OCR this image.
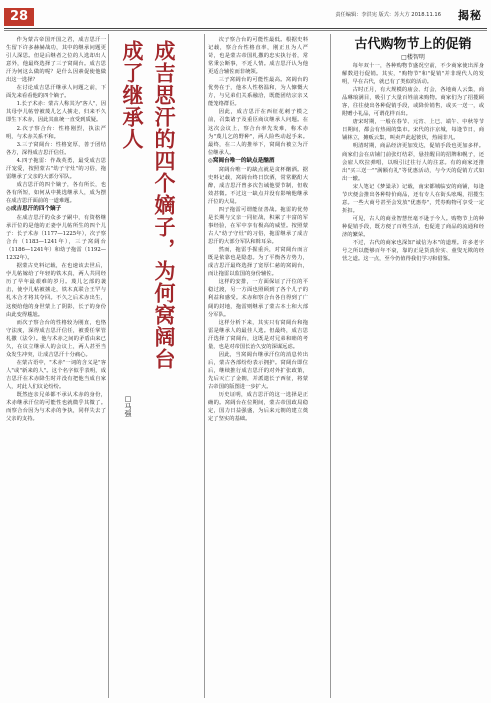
28	责任编辑：李洪宪 版式：苏大方 2018.11.16 揭秘

作为蒙古帝国开国之君，成吉思汗一生留下许多赫赫战功，其中的继承问题更引人深思。但是后继者之位的人选却出人意外，他最终选择了三子窝阔台。成吉思汗为何这么做的呢？是什么因素促使他做出这一选择？

在讨论成吉思汗继承人问题之前，下面先来看看他的四个嫡子。

1.长子术赤：蒙古人称其为"客人"，因其母孛儿帖曾被蔑儿乞人掳走，归来不久即生下术赤，因此其血统一直受到质疑。

2.次子察合台：性格刚烈，执法严明，与术赤关系不和。

3.三子窝阔台：性格宽厚，善于团结各方，深得成吉思汗信任。

4.四子拖雷：作战英勇，最受成吉思汗宠爱，按照蒙古"幼子守灶"的习俗，拖雷继承了父亲的大部分军队。

成吉思汗的四个嫡子，各有所长，也各有所短，如何从中挑选继承人，成为摆在成吉思汗面前的一道难题。

◎成吉思汗的四个嫡子

在成吉思汗的众多子嗣中，有资格继承汗位的是他的正妻孛儿帖所生的四个儿子：长子术赤（1177—1225年），次子察合台（1183—1241年），三子窝阔台（1186—1241年）和幼子拖雷（1192—1232年）。

据蒙古史料记载，在也速该去世后，孛儿帖嫁给了年轻的铁木真，两人共同经历了早年最艰难的岁月。蔑儿乞部的袭击，使孛儿帖被掳走，铁木真联合王罕与札木合才将其夺回。不久之后术赤出生，这便给他的身世蒙上了阴影，长子的身份由此变得尴尬。

而次子察合台的性格较为刚直，也恪守法度，深得成吉思汗信任，被委任掌管札撒（法令）。他与术赤之间的矛盾由来已久，在议立继承人的会议上，两人甚至当众发生冲突，让成吉思汗十分痛心。

在蒙古语中，"术赤"一词的含义是"客人"或"新来的人"。这个名字似乎表明，成吉思汗在术赤降生时并没有把他当成自家人，对此人们议论纷纷。

既然连亲兄弟都不承认术赤的身份，术赤继承汗位的可能性也就微乎其微了。而察合台因为与术赤的争执，同样失去了父亲的支持。

成吉思汗的四个嫡子，为何窝阔台成了继承人
□马强

次子察合台的可能性最低。根据史料记载，察合台性格直率，刚正且为人严苛，也是蒙古帝国札撒的忠实执行者，常常秉公断事，不近人情。成吉思汗认为他更适合辅佐而非统领。

三子窝阔台的可能性最高。窝阔台的优势在于，他本人性格温和，为人慷慨大方，与兄弟们关系融洽，既能团结宗亲又能笼络群臣。

因此，成吉思汗在西征花剌子模之前，召集诸子及重臣商议继承人问题。在这次会议上，察合台率先发难，称术赤为"蔑儿乞的野种"，两人险些动起手来。最终，在二人的推举下，窝阔台被立为汗位继承人。

◎窝阔台唯一的缺点是酗酒

窝阔台唯一的缺点就是贪杯酗酒。据史料记载，窝阔台终日饮酒，常常酩酊大醉，成吉思汗曾多次告诫他要节制，但收效甚微。不过这一缺点并没有影响他继承汗位的大局。

四子拖雷可谓能征善战。拖雷的优势是长期与父亲一同征战，积累了丰富的军事经验，在军中享有极高的威望。按照蒙古人"幼子守灶"的习俗，拖雷继承了成吉思汗的大部分军队和斡耳朵。

然而，拖雷手握重兵，对窝阔台而言既是依靠也是隐患。为了平衡各方势力，成吉思汗最终选择了宽厚仁慈的窝阔台，而让拖雷以监国的身份辅佐。

这样的安排，一方面保证了汗位的平稳过渡，另一方面也照顾到了各个儿子的利益和感受。术赤和察合台各自得到了广阔的封地，拖雷则继承了蒙古本土和大部分军队。

这样分析下来，其实只有窝阔台和拖雷是继承人的最佳人选。但最终，成吉思汗选择了窝阔台，这既是对兄弟和睦的考量，也是对帝国长治久安的深谋远虑。

因此，当窝阔台继承汗位的消息传出后，蒙古各部纷纷表示拥护。窝阔台即位后，继续推行成吉思汗的对外扩张政策，先后灭亡了金朝，并派遣长子西征，将蒙古帝国的版图进一步扩大。

历史证明，成吉思汗的这一选择是正确的。窝阔台在位期间，蒙古帝国政局稳定，国力日益强盛，为后来元朝的建立奠定了坚实的基础。

古代购物节上的促销

□楼智明

每年双十一，各种购物节盛况空前，不少商家使出浑身解数进行促销。其实，"购物节"和"促销"并非现代人的发明，早在古代，就已有了类似的活动。

古时正月，有大规模的庙会、灯会，各地商人云集，商品琳琅满目，吸引了大量百姓前来购物。商家们为了招揽顾客，往往使出各种促销手段，或降价销售，或买一送一，或附赠小礼品，可谓花样百出。

唐宋时期，一般在春节、元宵、上巳、端午、中秋等节日期间，都会有热闹的集市。宋代的汴京城，每逢节日，商铺林立，摊贩云集，叫卖声此起彼伏，热闹非凡。

明清时期，商品经济更加发达，促销手段也更加多样。商家们会在店铺门前张灯结彩，悬挂醒目的招牌和幌子，还会雇人吹拉弹唱，以吸引过往行人的注意。有的商家还推出"买三送一""满额有礼"等优惠活动，与今天的促销方式如出一辙。

宋人笔记《梦粱录》记载，南宋都城临安的商铺，每逢节庆便会推出各种特价商品，还有专人在街头吆喝，招揽生意。一些大商号甚至会发放"优惠券"，凭券购物可享受一定折扣。

可见，古人的商业智慧丝毫不逊于今人。购物节上的种种促销手段，既方便了百姓生活，也促进了商品的流通和经济的繁荣。

不过，古代的商家也深知"诚信为本"的道理。许多老字号之所以能够百年不衰，靠的正是货真价实、童叟无欺的经营之道。这一点，至今仍值得我们学习和借鉴。
